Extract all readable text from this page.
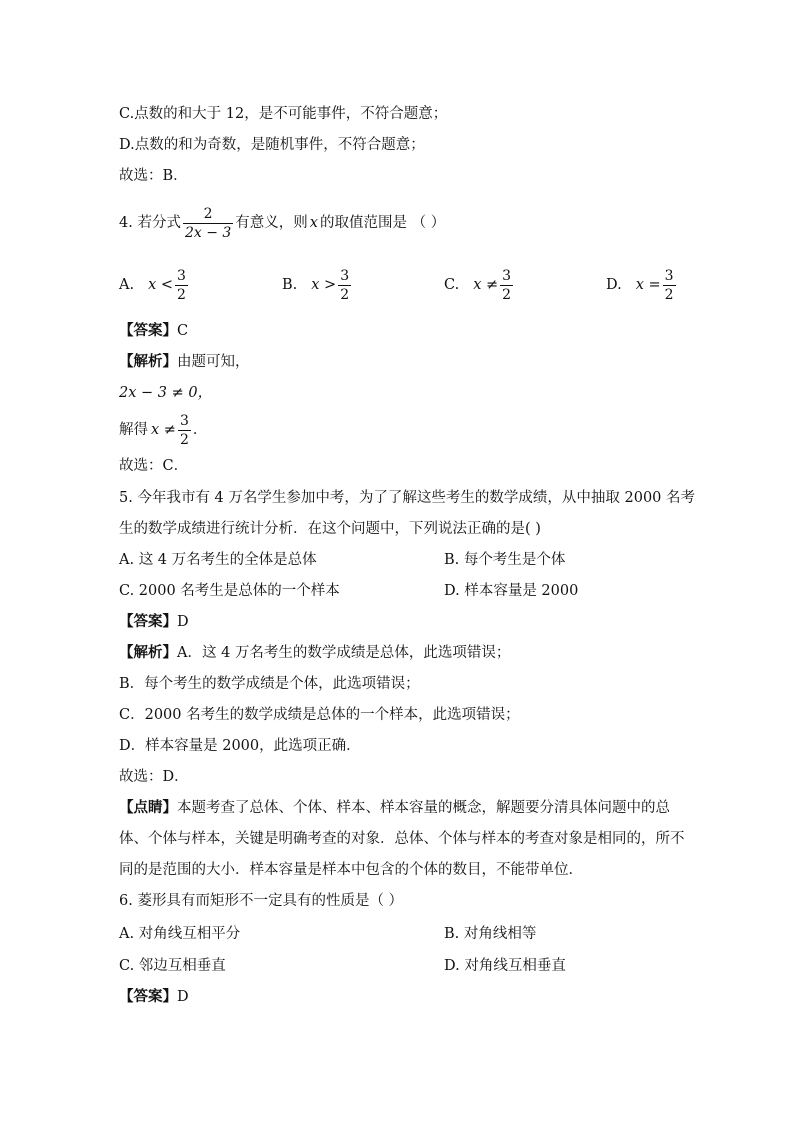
C.点数的和大于 12，是不可能事件，不符合题意；
D.点数的和为奇数，是随机事件，不符合题意；
故选：B．
4. 若分式 $\frac{2}{2x - 3}$ 有意义，则 x 的取值范围是 （ ）
A. $x < \frac{3}{2}$	B. $x > \frac{3}{2}$	C. $x \ne \frac{3}{2}$	D. $x = \frac{3}{2}$
【答案】C
【解析】由题可知，
2x − 3 ≠ 0，
解得 $x \ne \frac{3}{2}$ ．
故选：C．
5. 今年我市有 4 万名学生参加中考，为了了解这些考生的数学成绩，从中抽取 2000 名考
生的数学成绩进行统计分析．在这个问题中，下列说法正确的是( )
A. 这 4 万名考生的全体是总体	B. 每个考生是个体
C. 2000 名考生是总体的一个样本	D. 样本容量是 2000
【答案】D
【解析】A．这 4 万名考生的数学成绩是总体，此选项错误；
B．每个考生的数学成绩是个体，此选项错误；
C．2000 名考生的数学成绩是总体的一个样本，此选项错误；
D．样本容量是 2000，此选项正确．
故选：D．
【点睛】本题考查了总体、个体、样本、样本容量的概念，解题要分清具体问题中的总
体、个体与样本，关键是明确考查的对象．总体、个体与样本的考查对象是相同的，所不
同的是范围的大小．样本容量是样本中包含的个体的数目，不能带单位．
6. 菱形具有而矩形不一定具有的性质是（ ）
A. 对角线互相平分	B. 对角线相等
C. 邻边互相垂直	D. 对角线互相垂直
【答案】D
